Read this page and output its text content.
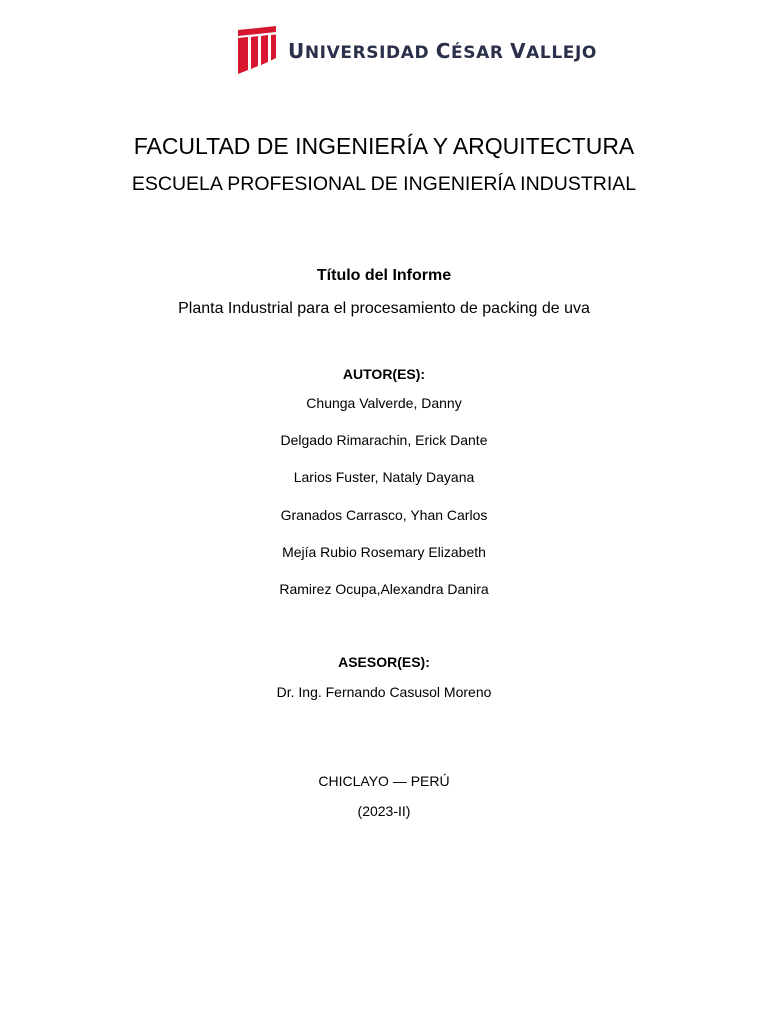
UNIVERSIDAD CÉSAR VALLEJO
FACULTAD DE INGENIERÍA Y ARQUITECTURA
ESCUELA PROFESIONAL DE INGENIERÍA INDUSTRIAL
Título del Informe
Planta Industrial para el procesamiento de packing de uva
AUTOR(ES):
Chunga Valverde, Danny
Delgado Rimarachin, Erick Dante
Larios Fuster, Nataly Dayana
Granados Carrasco, Yhan Carlos
Mejía Rubio Rosemary Elizabeth
Ramirez Ocupa,Alexandra Danira
ASESOR(ES):
Dr. Ing. Fernando Casusol Moreno
CHICLAYO — PERÚ
(2023-II)
